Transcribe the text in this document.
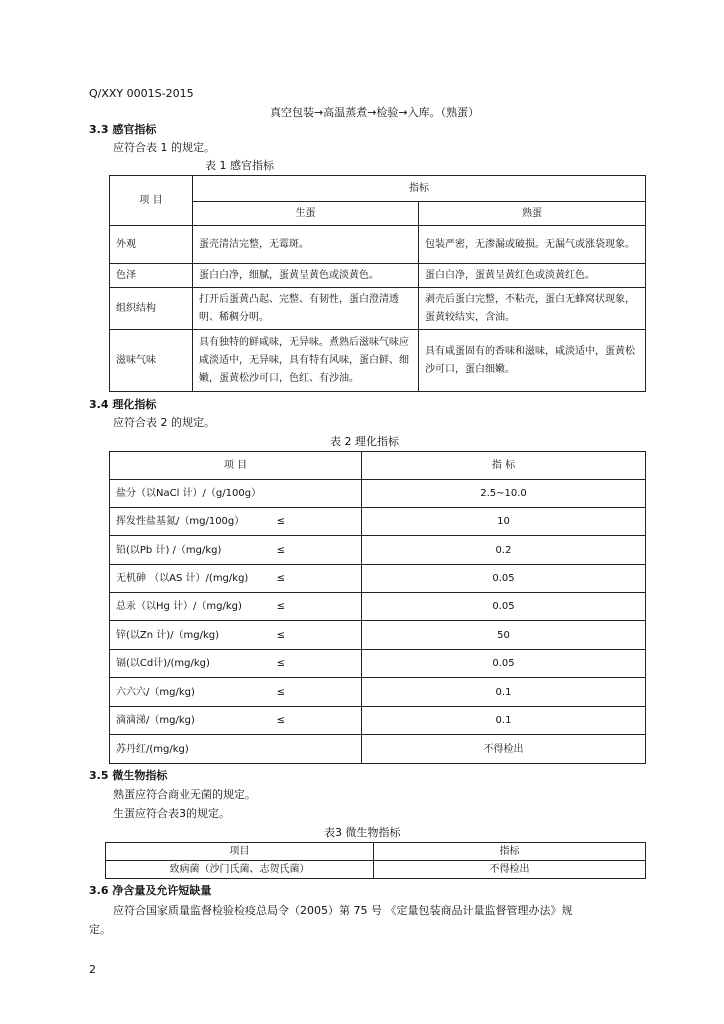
Q/XXY 0001S-2015
真空包装→高温蒸煮→检验→入库。（熟蛋）
3.3 感官指标
应符合表 1 的规定。
表 1 感官指标
项 目	指标	
	生蛋	熟蛋
外观	蛋壳清洁完整，无霉斑。	包装严密，无渗漏或破损。无漏气或涨袋现象。
色泽	蛋白白净，细腻，蛋黄呈黄色或淡黄色。	蛋白白净，蛋黄呈黄红色或淡黄红色。
组织结构	打开后蛋黄凸起、完整、有韧性，蛋白澄清透明、稀稠分明。	剥壳后蛋白完整，不粘壳，蛋白无蜂窝状现象，蛋黄较结实，含油。
滋味气味	具有独特的鲜咸味，无异味。煮熟后滋味气味应咸淡适中，无异味，具有特有风味，蛋白鲜、细嫩，蛋黄松沙可口，色红、有沙油。	具有咸蛋固有的香味和滋味，咸淡适中，蛋黄松沙可口，蛋白细嫩。
3.4 理化指标
应符合表 2 的规定。
表 2 理化指标
项 目	指 标
盐分（以NaCl 计）/（g/100g）	2.5~10.0
挥发性盐基氮/（mg/100g） ≤	10
铅(以Pb 计) /（mg/kg) ≤	0.2
无机砷 （以AS 计）/(mg/kg) ≤	0.05
总汞（以Hg 计）/（mg/kg) ≤	0.05
锌(以Zn 计)/（mg/kg) ≤	50
镉(以Cd计)/(mg/kg) ≤	0.05
六六六/（mg/kg) ≤	0.1
滴滴涕/（mg/kg) ≤	0.1
苏丹红/(mg/kg)	不得检出
3.5 微生物指标
熟蛋应符合商业无菌的规定。
生蛋应符合表3的规定。
表3 微生物指标
项目	指标
致病菌（沙门氏菌、志贺氏菌）	不得检出
3.6 净含量及允许短缺量
应符合国家质量监督检验检疫总局令（2005）第 75 号 《定量包装商品计量监督管理办法》规
定。
2
